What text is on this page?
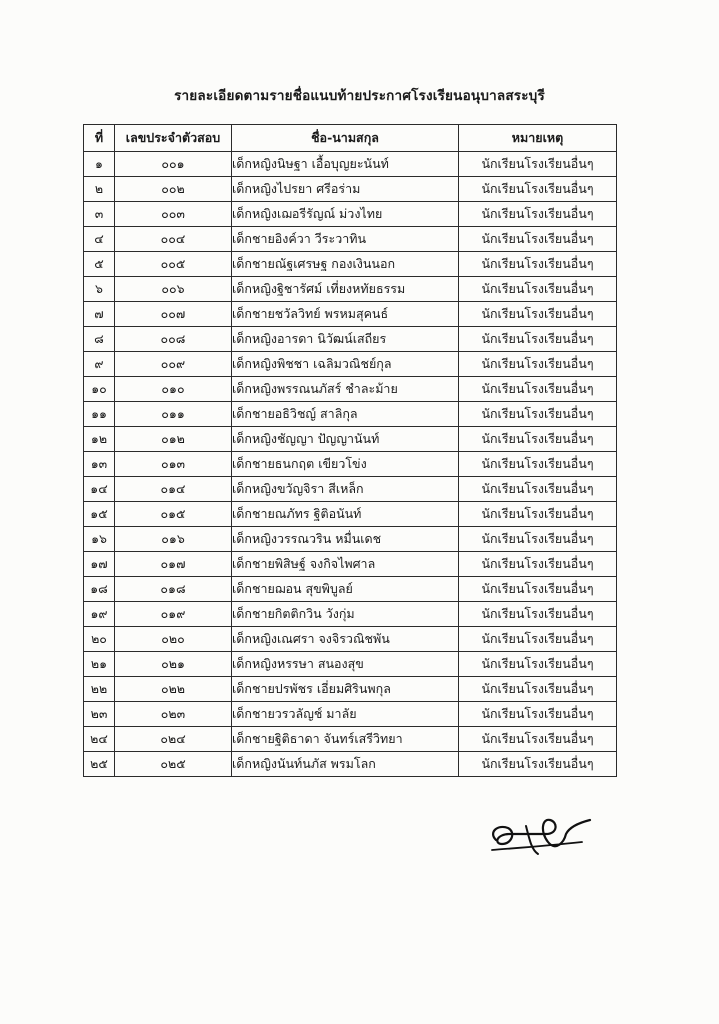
รายละเอียดตามรายชื่อแนบท้ายประกาศโรงเรียนอนุบาลสระบุรี
ที่	เลขประจำตัวสอบ	ชื่อ-นามสกุล	หมายเหตุ
๑	๐๐๑	เด็กหญิงนิษฐา เอื้อบุญยะนันท์	นักเรียนโรงเรียนอื่นๆ
๒	๐๐๒	เด็กหญิงไปรยา ศรีอร่าม	นักเรียนโรงเรียนอื่นๆ
๓	๐๐๓	เด็กหญิงเฌอรีรัญณ์ ม่วงไทย	นักเรียนโรงเรียนอื่นๆ
๔	๐๐๔	เด็กชายอิงค์วา วีระวาทิน	นักเรียนโรงเรียนอื่นๆ
๕	๐๐๕	เด็กชายณัฐเศรษฐ กองเงินนอก	นักเรียนโรงเรียนอื่นๆ
๖	๐๐๖	เด็กหญิงฐิชารัศม์ เที่ยงหทัยธรรม	นักเรียนโรงเรียนอื่นๆ
๗	๐๐๗	เด็กชายชวัลวิทย์ พรหมสุคนธ์	นักเรียนโรงเรียนอื่นๆ
๘	๐๐๘	เด็กหญิงอารดา นิวัฒน์เสถียร	นักเรียนโรงเรียนอื่นๆ
๙	๐๐๙	เด็กหญิงพิชชา เฉลิมวณิชย์กุล	นักเรียนโรงเรียนอื่นๆ
๑๐	๐๑๐	เด็กหญิงพรรณนภัสร์ ชำละม้าย	นักเรียนโรงเรียนอื่นๆ
๑๑	๐๑๑	เด็กชายอธิวิชญ์ สาลิกุล	นักเรียนโรงเรียนอื่นๆ
๑๒	๐๑๒	เด็กหญิงชัญญา ปัญญานันท์	นักเรียนโรงเรียนอื่นๆ
๑๓	๐๑๓	เด็กชายธนกฤต เขียวโข่ง	นักเรียนโรงเรียนอื่นๆ
๑๔	๐๑๔	เด็กหญิงขวัญจิรา สีเหล็ก	นักเรียนโรงเรียนอื่นๆ
๑๕	๐๑๕	เด็กชายณภัทร ฐิติอนันท์	นักเรียนโรงเรียนอื่นๆ
๑๖	๐๑๖	เด็กหญิงวรรณวริน หมื่นเดช	นักเรียนโรงเรียนอื่นๆ
๑๗	๐๑๗	เด็กชายพิสิษฐ์ จงกิจไพศาล	นักเรียนโรงเรียนอื่นๆ
๑๘	๐๑๘	เด็กชายฌอน สุขพิบูลย์	นักเรียนโรงเรียนอื่นๆ
๑๙	๐๑๙	เด็กชายกิตติกวิน วังกุ่ม	นักเรียนโรงเรียนอื่นๆ
๒๐	๐๒๐	เด็กหญิงเณศรา จงจิรวณิชพัน	นักเรียนโรงเรียนอื่นๆ
๒๑	๐๒๑	เด็กหญิงหรรษา สนองสุข	นักเรียนโรงเรียนอื่นๆ
๒๒	๐๒๒	เด็กชายปรพัชร เอี่ยมศิรินพกุล	นักเรียนโรงเรียนอื่นๆ
๒๓	๐๒๓	เด็กชายวรวลัญช์ มาลัย	นักเรียนโรงเรียนอื่นๆ
๒๔	๐๒๔	เด็กชายฐิติธาดา จันทร์เสรีวิทยา	นักเรียนโรงเรียนอื่นๆ
๒๕	๐๒๕	เด็กหญิงนันท์นภัส พรมโลก	นักเรียนโรงเรียนอื่นๆ
